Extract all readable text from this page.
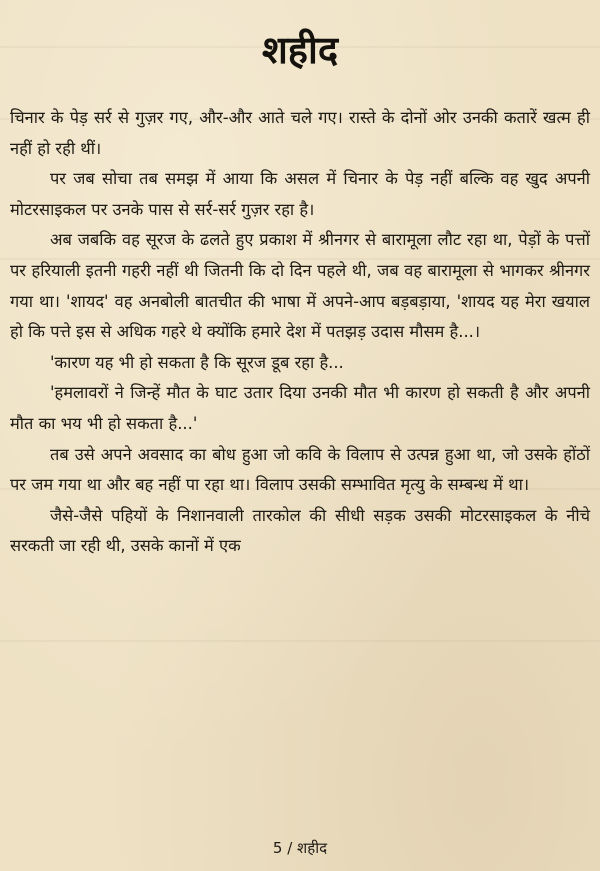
शहीद

चिनार के पेड़ सर्र से गुज़र गए, और-और आते चले गए। रास्ते के दोनों ओर उनकी कतारें खत्म ही नहीं हो रही थीं।

पर जब सोचा तब समझ में आया कि असल में चिनार के पेड़ नहीं बल्कि वह खुद अपनी मोटरसाइकल पर उनके पास से सर्र-सर्र गुज़र रहा है।

अब जबकि वह सूरज के ढलते हुए प्रकाश में श्रीनगर से बारामूला लौट रहा था, पेड़ों के पत्तों पर हरियाली इतनी गहरी नहीं थी जितनी कि दो दिन पहले थी, जब वह बारामूला से भागकर श्रीनगर गया था। 'शायद' वह अनबोली बातचीत की भाषा में अपने-आप बड़बड़ाया, 'शायद यह मेरा खयाल हो कि पत्ते इस से अधिक गहरे थे क्योंकि हमारे देश में पतझड़ उदास मौसम है...।

'कारण यह भी हो सकता है कि सूरज डूब रहा है...

'हमलावरों ने जिन्हें मौत के घाट उतार दिया उनकी मौत भी कारण हो सकती है और अपनी मौत का भय भी हो सकता है...'

तब उसे अपने अवसाद का बोध हुआ जो कवि के विलाप से उत्पन्न हुआ था, जो उसके होंठों पर जम गया था और बह नहीं पा रहा था। विलाप उसकी सम्भावित मृत्यु के सम्बन्ध में था।

जैसे-जैसे पहियों के निशानवाली तारकोल की सीधी सड़क उसकी मोटरसाइकल के नीचे सरकती जा रही थी, उसके कानों में एक

5 / शहीद
